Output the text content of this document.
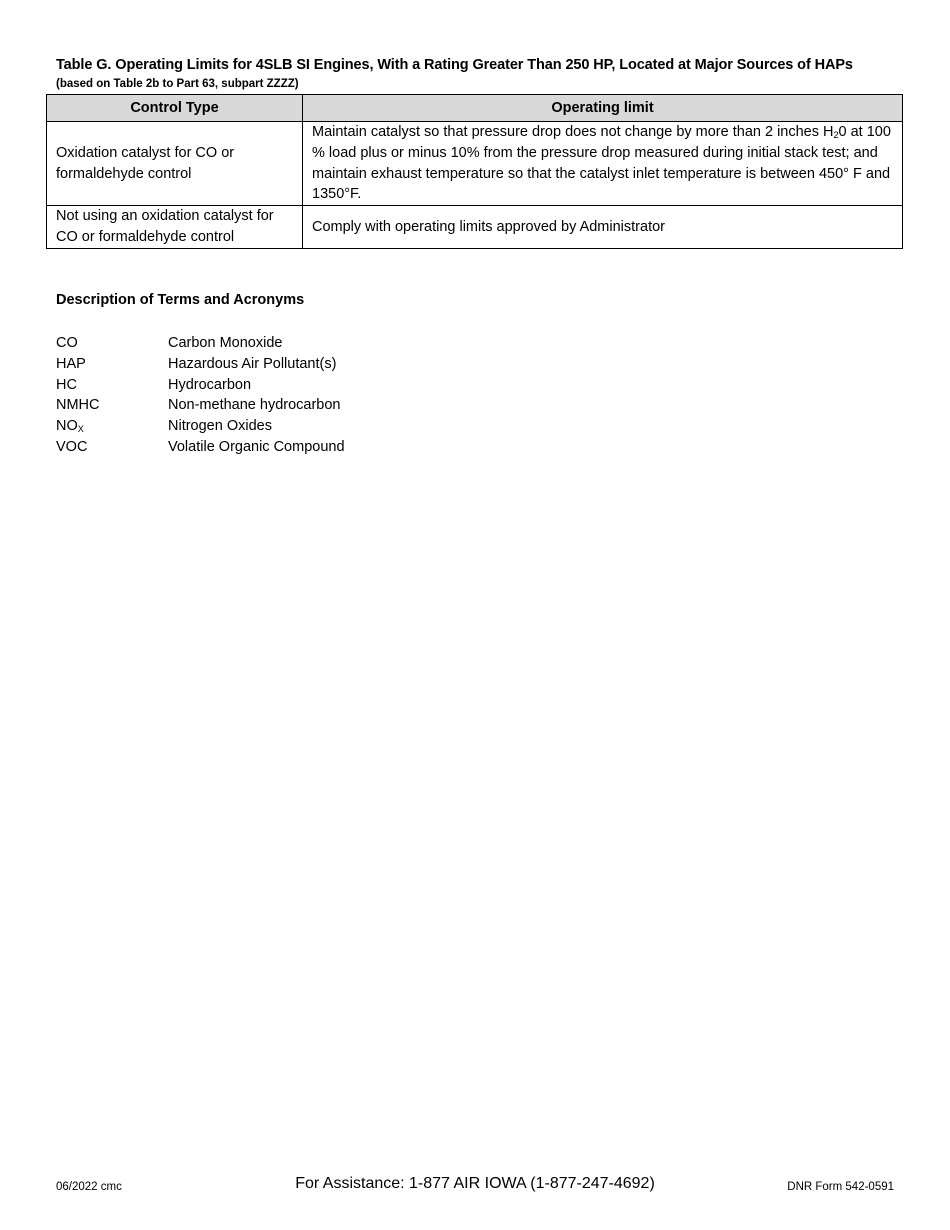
Table G. Operating Limits for 4SLB SI Engines, With a Rating Greater Than 250 HP, Located at Major Sources of HAPs
(based on Table 2b to Part 63, subpart ZZZZ)
Control Type	Operating limit
Oxidation catalyst for CO or formaldehyde control	Maintain catalyst so that pressure drop does not change by more than 2 inches $H_20$ at 100 % load plus or minus 10% from the pressure drop measured during initial stack test; and maintain exhaust temperature so that the catalyst inlet temperature is between 450° F and 1350°F.
Not using an oxidation catalyst for CO or formaldehyde control	Comply with operating limits approved by Administrator
Description of Terms and Acronyms
CO	Carbon Monoxide
HAP	Hazardous Air Pollutant(s)
HC	Hydrocarbon
NMHC	Non-methane hydrocarbon
$NO_X$	Nitrogen Oxides
VOC	Volatile Organic Compound
06/2022 cmc	For Assistance: 1-877 AIR IOWA (1-877-247-4692)	DNR Form 542-0591
